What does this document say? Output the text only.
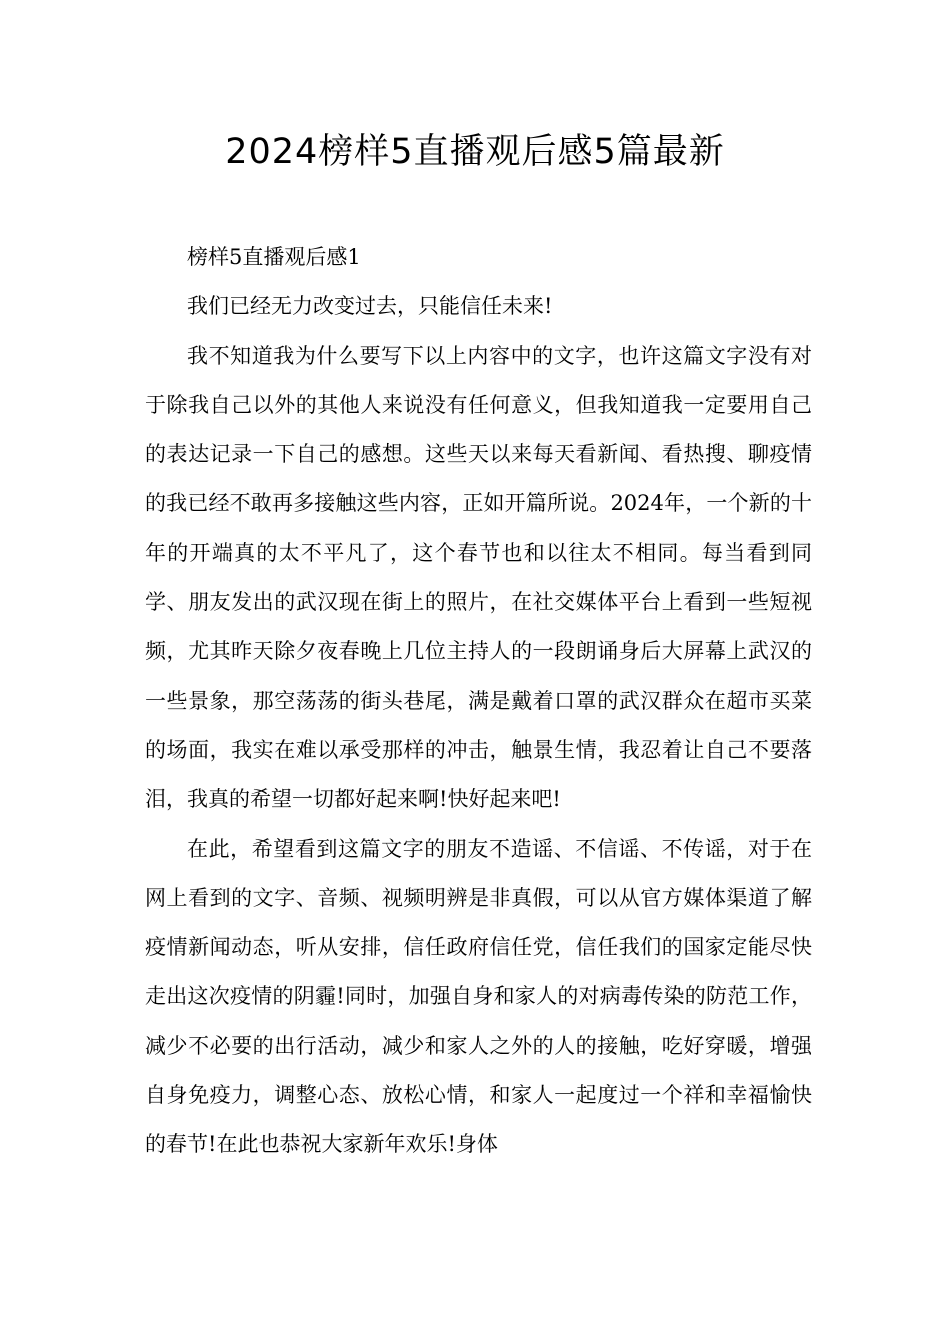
2024榜样5直播观后感5篇最新

榜样5直播观后感1

我们已经无力改变过去，只能信任未来!

我不知道我为什么要写下以上内容中的文字，也许这篇文字没有对于除我自己以外的其他人来说没有任何意义，但我知道我一定要用自己的表达记录一下自己的感想。这些天以来每天看新闻、看热搜、聊疫情的我已经不敢再多接触这些内容，正如开篇所说。2024年，一个新的十年的开端真的太不平凡了，这个春节也和以往太不相同。每当看到同学、朋友发出的武汉现在街上的照片，在社交媒体平台上看到一些短视频，尤其昨天除夕夜春晚上几位主持人的一段朗诵身后大屏幕上武汉的一些景象，那空荡荡的街头巷尾，满是戴着口罩的武汉群众在超市买菜的场面，我实在难以承受那样的冲击，触景生情，我忍着让自己不要落泪，我真的希望一切都好起来啊!快好起来吧!

在此，希望看到这篇文字的朋友不造谣、不信谣、不传谣，对于在网上看到的文字、音频、视频明辨是非真假，可以从官方媒体渠道了解疫情新闻动态，听从安排，信任政府信任党，信任我们的国家定能尽快走出这次疫情的阴霾!同时，加强自身和家人的对病毒传染的防范工作，减少不必要的出行活动，减少和家人之外的人的接触，吃好穿暖，增强自身免疫力，调整心态、放松心情，和家人一起度过一个祥和幸福愉快的春节!在此也恭祝大家新年欢乐!身体
